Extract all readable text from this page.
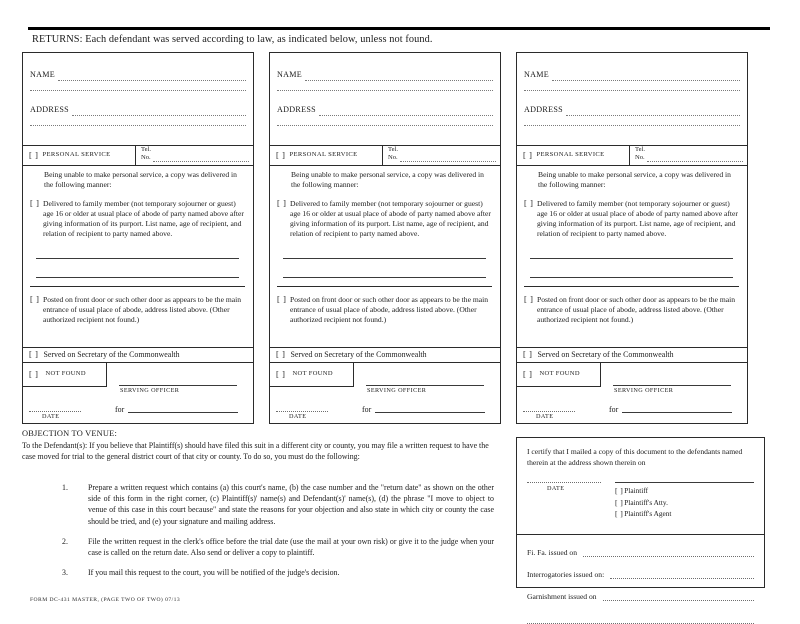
RETURNS: Each defendant was served according to law, as indicated below, unless not found.
NAME
ADDRESS
[ ] PERSONAL SERVICE
Tel.
No.

Being unable to make personal service, a copy was delivered in the following manner:

[ ] Delivered to family member (not temporary sojourner or guest) age 16 or older at usual place of abode of party named above after giving information of its purport. List name, age of recipient, and relation of recipient to party named above.
[ ] Posted on front door or such other door as appears to be the main entrance of usual place of abode, address listed above. (Other authorized recipient not found.)
[ ] Served on Secretary of the Commonwealth
[ ]	NOT FOUND
SERVING OFFICER
DATE
for
NAME
ADDRESS
[ ] PERSONAL SERVICE
Tel.
No.

Being unable to make personal service, a copy was delivered in the following manner:

[ ] Delivered to family member (not temporary sojourner or guest) age 16 or older at usual place of abode of party named above after giving information of its purport. List name, age of recipient, and relation of recipient to party named above.
[ ] Posted on front door or such other door as appears to be the main entrance of usual place of abode, address listed above. (Other authorized recipient not found.)
[ ] Served on Secretary of the Commonwealth
[ ]	NOT FOUND
SERVING OFFICER
DATE
for
NAME
ADDRESS
[ ] PERSONAL SERVICE
Tel.
No.

Being unable to make personal service, a copy was delivered in the following manner:

[ ] Delivered to family member (not temporary sojourner or guest) age 16 or older at usual place of abode of party named above after giving information of its purport. List name, age of recipient, and relation of recipient to party named above.
[ ] Posted on front door or such other door as appears to be the main entrance of usual place of abode, address listed above. (Other authorized recipient not found.)
[ ] Served on Secretary of the Commonwealth
[ ]	NOT FOUND
SERVING OFFICER
DATE
for
OBJECTION TO VENUE:
To the Defendant(s): If you believe that Plaintiff(s) should have filed this suit in a different city or county, you may file a written request to have the case moved for trial to the general district court of that city or county. To do so, you must do the following:
1.	Prepare a written request which contains (a) this court's name, (b) the case number and the "return date" as shown on the other side of this form in the right corner, (c) Plaintiff(s)' name(s) and Defendant(s)' name(s), (d) the phrase "I move to object to venue of this case in this court because" and state the reasons for your objection and also state in which city or county the case should be tried, and (e) your signature and mailing address.
2.	File the written request in the clerk's office before the trial date (use the mail at your own risk) or give it to the judge when your case is called on the return date. Also send or deliver a copy to plaintiff.
3.	If you mail this request to the court, you will be notified of the judge's decision.
I certify that I mailed a copy of this document to the defendants named therein at the address shown therein on
DATE	[ ]Plaintiff
[ ]Plaintiff's Atty.
[ ]Plaintiff's Agent
Fi. Fa. issued on
Interrogatories issued on:
Garnishment issued on
FORM DC-431 MASTER, (PAGE TWO OF TWO) 07/13
